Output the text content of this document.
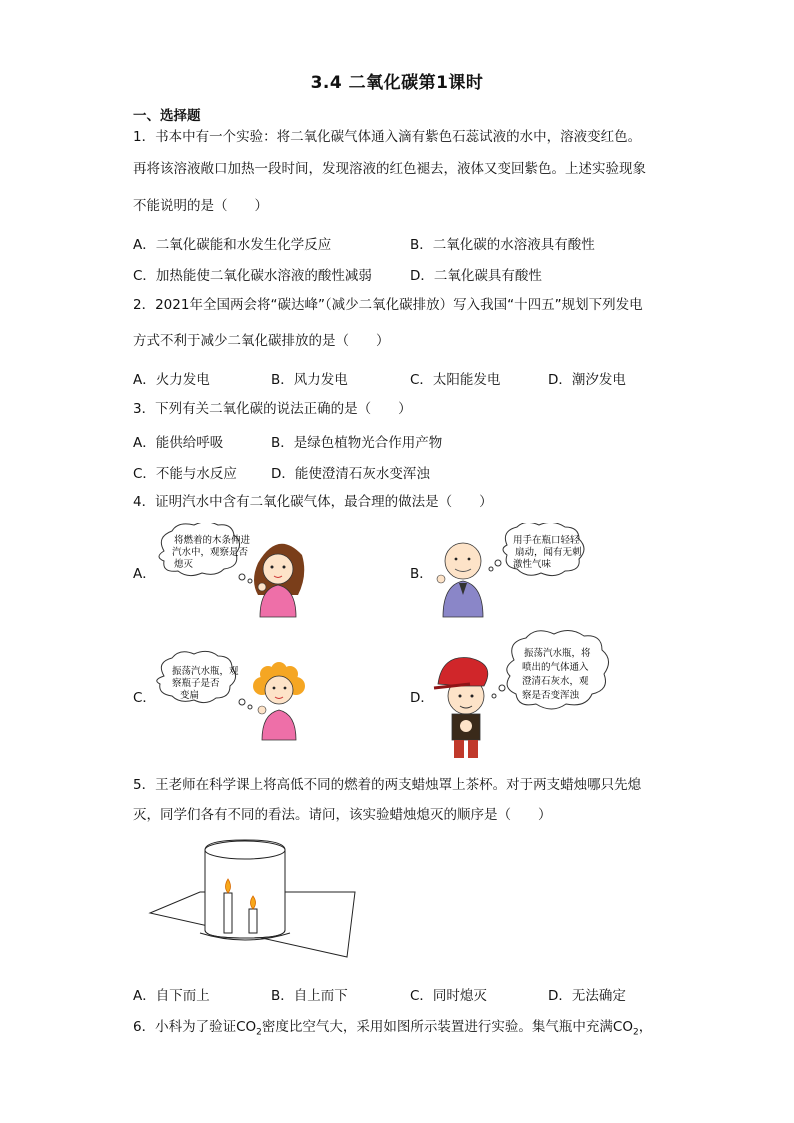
3.4 二氧化碳第1课时
一、选择题
1．书本中有一个实验：将二氧化碳气体通入滴有紫色石蕊试液的水中，溶液变红色。
再将该溶液敞口加热一段时间，发现溶液的红色褪去，液体又变回紫色。上述实验现象
不能说明的是（　　）
A．二氧化碳能和水发生化学反应	B．二氧化碳的水溶液具有酸性
C．加热能使二氧化碳水溶液的酸性减弱	D．二氧化碳具有酸性
2．2021年全国两会将“碳达峰”（减少二氧化碳排放）写入我国“十四五”规划下列发电
方式不利于减少二氧化碳排放的是（　　）
A．火力发电	B．风力发电	C．太阳能发电	D．潮汐发电
3．下列有关二氧化碳的说法正确的是（　　）
A．能供给呼吸	B．是绿色植物光合作用产物
C．不能与水反应	D．能使澄清石灰水变浑浊
4．证明汽水中含有二氧化碳气体，最合理的做法是（　　）
A．
将燃着的木条伸进
汽水中，观察是否
熄灭
B．
用手在瓶口轻轻
扇动，闻有无刺
激性气味
C．
振荡汽水瓶，观
察瓶子是否
变扁	D．
振荡汽水瓶，将
喷出的气体通入
澄清石灰水，观
察是否变浑浊
5．王老师在科学课上将高低不同的燃着的两支蜡烛罩上茶杯。对于两支蜡烛哪只先熄
灭，同学们各有不同的看法。请问，该实验蜡烛熄灭的顺序是（　　）
A．自下而上	B．自上而下	C．同时熄灭	D．无法确定
6．小科为了验证$CO_2$密度比空气大，采用如图所示装置进行实验。集气瓶中充满$CO_2$，
